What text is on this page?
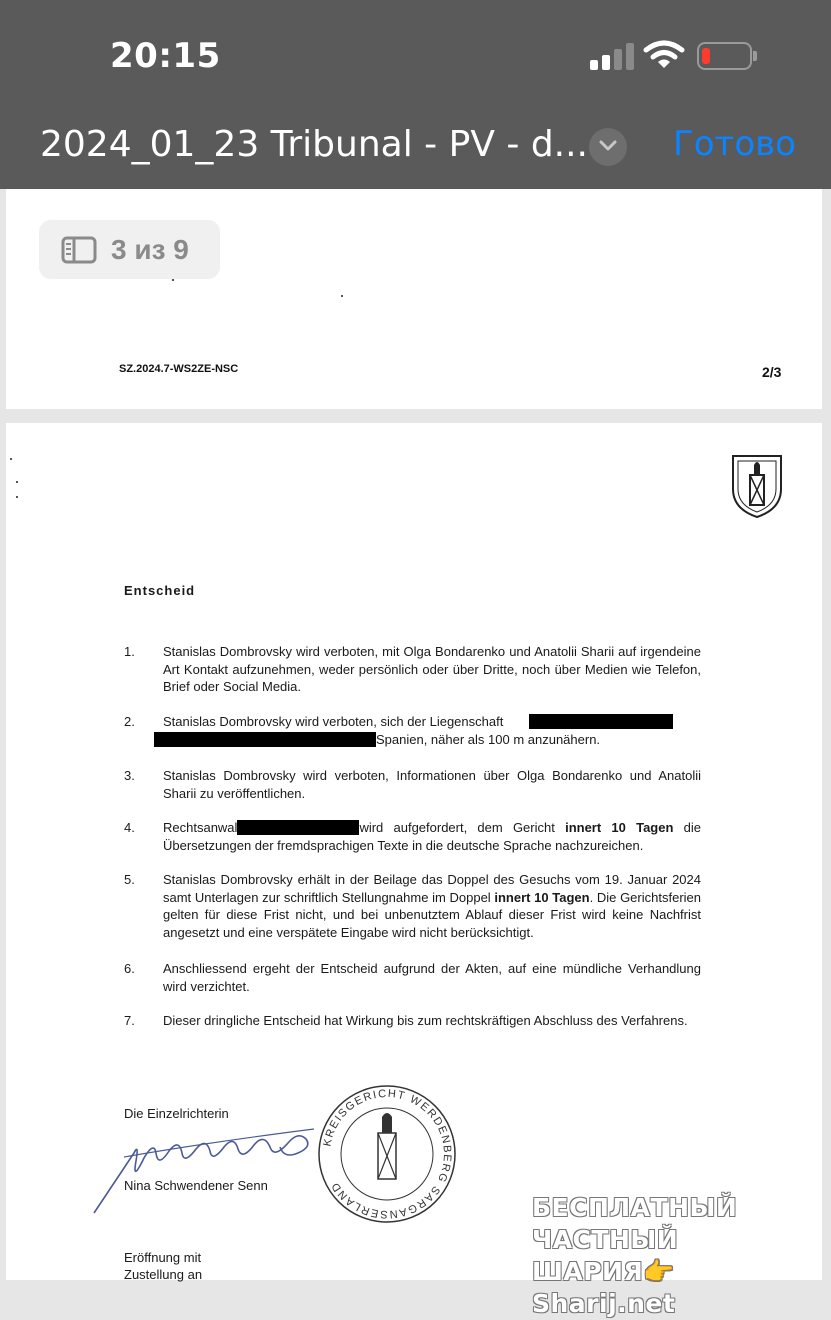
20:15
2024_01_23 Tribunal - PV - d...	Готово
3 из 9
SZ.2024.7-WS2ZE-NSC	2/3
Entscheid
1. Stanislas Dombrovsky wird verboten, mit Olga Bondarenko und Anatolii Sharii auf irgendeine Art Kontakt aufzunehmen, weder persönlich oder über Dritte, noch über Medien wie Telefon, Brief oder Social Media.
2. Stanislas Dombrovsky wird verboten, sich der Liegenschaft
Spanien, näher als 100 m anzunähern.
3. Stanislas Dombrovsky wird verboten, Informationen über Olga Bondarenko und Anatolii Sharii zu veröffentlichen.
4. Rechtsanwal	wird aufgefordert, dem Gericht innert 10 Tagen die Übersetzungen der fremdsprachigen Texte in die deutsche Sprache nachzureichen.
5. Stanislas Dombrovsky erhält in der Beilage das Doppel des Gesuchs vom 19. Januar 2024 samt Unterlagen zur schriftlich Stellungnahme im Doppel innert 10 Tagen. Die Gerichtsferien gelten für diese Frist nicht, und bei unbenutztem Ablauf dieser Frist wird keine Nachfrist angesetzt und eine verspätete Eingabe wird nicht berücksichtigt.
6. Anschliessend ergeht der Entscheid aufgrund der Akten, auf eine mündliche Verhandlung wird verzichtet.
7. Dieser dringliche Entscheid hat Wirkung bis zum rechtskräftigen Abschluss des Verfahrens.
Die Einzelrichterin
Nina Schwendener Senn
KREISGERICHT WERDENBERG SARGANSERLAND
Eröffnung mit
Zustellung an
БЕСПЛАТНЫЙ ЧАСТНЫЙ
ШАРИЯ👉Sharij.net
